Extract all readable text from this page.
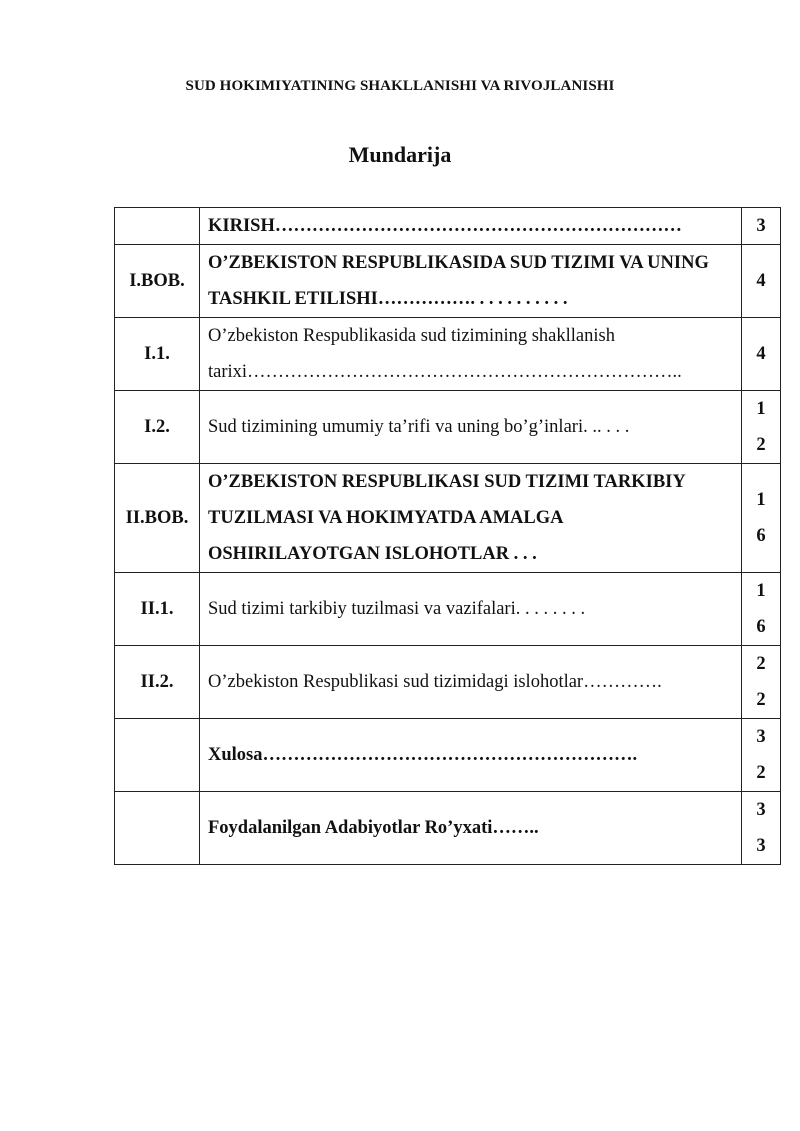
SUD HOKIMIYATINING SHAKLLANISHI VA RIVOJLANISHI
Mundarija
	KIRISH…………………………………………………………	3

I.BOB.	O’ZBEKISTON RESPUBLIKASIDA SUD TIZIMI VA UNING TASHKIL ETILISHI……………. . . . . . . . . . .	4

I.1.	O’zbekiston Respublikasida sud tizimining shakllanish tarixi……………………………………………………………..	4

I.2.	Sud tizimining umumiy ta’rifi va uning bo’g’inlari. .. . . .	12

II.BOB.	O’ZBEKISTON RESPUBLIKASI SUD TIZIMI TARKIBIY TUZILMASI VA HOKIMYATDA AMALGA OSHIRILAYOTGAN ISLOHOTLAR . . .	16

II.1.	Sud tizimi tarkibiy tuzilmasi va vazifalari. . . . . . . .	16

II.2.	O’zbekiston Respublikasi sud tizimidagi islohotlar………….	22

	Xulosa…………………………………………………….	32

	Foydalanilgan Adabiyotlar Ro’yxati……..	33
